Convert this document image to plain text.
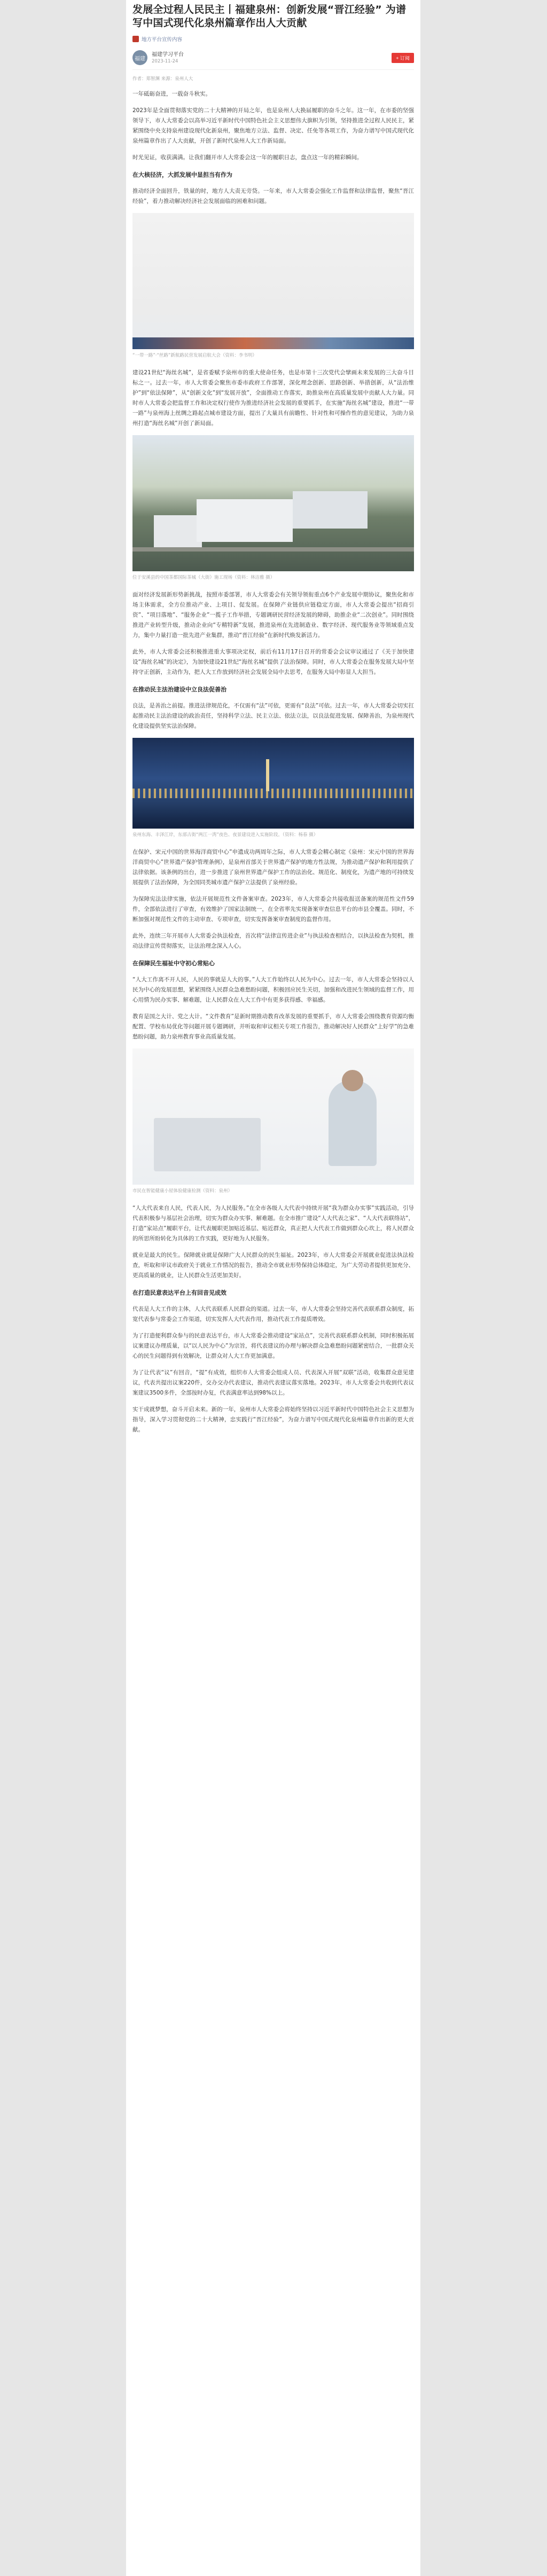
发展全过程人民民主丨福建泉州：创新发展“晋江经验” 为谱写中国式现代化泉州篇章作出人大贡献
地方平台宣传内容
福建
福建学习平台
2023-11-24
+ 订阅
作者：郑智渊 来源：泉州人大

一年砥砺奋进，一载奋斗秋实。

2023年是全面贯彻落实党的二十大精神的开局之年，也是泉州人大换届履职的奋斗之年。这一年，在市委的坚强领导下，市人大常委会以高举习近平新时代中国特色社会主义思想伟大旗帜为引领，坚持推进全过程人民民主，紧紧围绕中央支持泉州建设现代化新泉州，聚焦地方立法、监督、决定、任免等各项工作，为奋力谱写中国式现代化泉州篇章作出了人大贡献，开创了新时代泉州人大工作新局面。

时光见证，收获满满。让我们翻开市人大常委会这一年的履职日志，盘点这一年的精彩瞬间。

在大核径济，大抓发展中显担当有作为

推动经济全面回升，铁量的时，地方人大责无旁贷。一年来，市人大常委会强化工作监督和法律监督，聚焦“晋江经验”，着力推动解决经济社会发展面临的困难和问题。

“一带一路”·“丝路”新航路民营发展启航大会（资料：李书明）

建设21世纪“海丝名城”，是省委赋予泉州市的重大使命任务，也是市第十三次党代会擘画未来发展的三大奋斗目标之一。过去一年，市人大常委会聚焦市委市政府工作部署，深化理念创新、思路创新、举措创新，从“法治维护”到“依法保障”，从“创新文化”到“发展开放”，全面推动工作落实，助推泉州在高质量发展中贡献人大力量。同时市人大常委会把监督工作和决定权行使作为推进经济社会发展的重要抓手，在实施“海丝名城”建设，推进“一带一路”与泉州海上丝绸之路起点城市建设方面，提出了大量具有前瞻性、针对性和可操作性的意见建议，为助力泉州打造“海丝名城”开创了新局面。

位于安溪县的中国茶都国际茶城（大街）施工现场（资料：林洁雅 摄）

面对经济发展新形势新挑战，按照市委部署，市人大常委会有关领导领衔重点6个产业发展中期协议，聚焦化和市场主体需求，全方位推动产业、上项目、促发展。在保障产业链供应链稳定方面，市人大常委会提出“招商引资”、“项目落地”、“服务企业”一揽子工作举措，专题调研民营经济发展的障碍，助推企业“二次创业”。同时围绕推进产业转型升级，推动企业向“专精特新”发展，推进泉州在先进制造业、数字经济、现代服务业等领域重点发力，集中力量打造一批先进产业集群，推动“晋江经验”在新时代焕发新活力。

此外，市人大常委会还积极推进重大事项决定权，前后有11月17日召开的常委会会议审议通过了《关于加快建设“海丝名城”的决定》，为加快建设21世纪“海丝名城”提供了法治保障。同时，市人大常委会在服务发展大局中坚持守正创新，主动作为，把人大工作放到经济社会发展全局中去思考，在服务大局中彰显人大担当。

在推动民主法治建设中立良法促善治

良法，是善治之前提。推进法律规范化，不仅需有“法”可依，更需有“良法”可依。过去一年，市人大常委会切实扛起推动民主法治建设的政治责任，坚持科学立法、民主立法、依法立法，以良法促进发展、保障善治，为泉州现代化建设提供坚实法治保障。

泉州东海、丰泽江岸，东部古街“两江一湾”夜色、夜景建设进入实施阶段。（资料：杨春 摄）

在保护、宋元中国的世界海洋商贸中心”申遗成功两周年之际，市人大常委会精心制定《泉州：宋元中国的世界海洋商贸中心”世界遗产保护管理条例》，是泉州首部关于世界遗产保护的地方性法规，为推动遗产保护和利用提供了法律依据。该条例的出台，进一步推进了泉州世界遗产保护工作的法治化、规范化、制度化，为遗产地的可持续发展提供了法治保障，为全国同类城市遗产保护立法提供了泉州经验。

为保障宪法法律实施，依法开展规范性文件备案审查。2023年，市人大常委会共接收报送备案的规范性文件59件，全部依法进行了审查，有效维护了国家法制统一，在全省率先实现备案审查信息平台的市县全覆盖。同时，不断加强对规范性文件的主动审查、专项审查，切实发挥备案审查制度的监督作用。

此外，连续三年开展市人大常委会执法检查，首次将“法律宣传进企业”与执法检查相结合，以执法检查为契机，推动法律宣传贯彻落实，让法治理念深入人心。

在保障民生福祉中守初心常贴心

“人大工作离不开人民，人民的事就是人大的事。”人大工作始终以人民为中心。过去一年，市人大常委会坚持以人民为中心的发展思想，紧紧围绕人民群众急难愁盼问题，积极回应民生关切，加强和改进民生领域的监督工作，用心用情为民办实事、解难题，让人民群众在人大工作中有更多获得感、幸福感。

教育是国之大计、党之大计。“文件教育”是新时期推动教育改革发展的重要抓手，市人大常委会围绕教育资源均衡配置、学校布局优化等问题开展专题调研，并听取和审议相关专项工作报告，推动解决好人民群众“上好学”的急难愁盼问题，助力泉州教育事业高质量发展。

市民在智能健康小屋体验健康检测（资料：泉州）

“人大代表来自人民，代表人民，为人民服务。”在全市各级人大代表中持续开展“我为群众办实事”实践活动，引导代表积极参与基层社会治理，切实为群众办实事、解难题。在全市推广建设“人大代表之家”、“人大代表联络站”，打造“家站点”履职平台，让代表履职更加贴近基层、贴近群众，真正把人大代表工作做到群众心坎上，将人民群众的所思所盼转化为具体的工作实践，更好地为人民服务。

就业是最大的民生。保障就业就是保障广大人民群众的民生福祉。2023年，市人大常委会开展就业促进法执法检查，听取和审议市政府关于就业工作情况的报告，推动全市就业形势保持总体稳定，为广大劳动者提供更加充分、更高质量的就业，让人民群众生活更加美好。

在打造民意表达平台上有回音见成效

代表是人大工作的主体，人大代表联系人民群众的渠道。过去一年，市人大常委会坚持完善代表联系群众制度，拓宽代表参与常委会工作渠道，切实发挥人大代表作用，推动代表工作提质增效。

为了打造便利群众参与的民意表达平台，市人大常委会推动建设“家站点”，完善代表联系群众机制，同时积极拓展议案建议办理质量，以“以人民为中心”为宗旨，将代表建议的办理与解决群众急难愁盼问题紧密结合，一批群众关心的民生问题得到有效解决，让群众对人大工作更加满意。

为了让代表“议”有回音，“提”有成效，组织市人大常委会组成人员、代表深入开展“双联”活动，收集群众意见建议，代表共提出议案220件，交办交办代表建议，推动代表建议落实落地。2023年，市人大常委会共收到代表议案建议3500多件，全部按时办复，代表满意率达到98%以上。

实干成就梦想，奋斗开启未来。新的一年，泉州市人大常委会将始终坚持以习近平新时代中国特色社会主义思想为指导，深入学习贯彻党的二十大精神，忠实践行“晋江经验”，为奋力谱写中国式现代化泉州篇章作出新的更大贡献。
